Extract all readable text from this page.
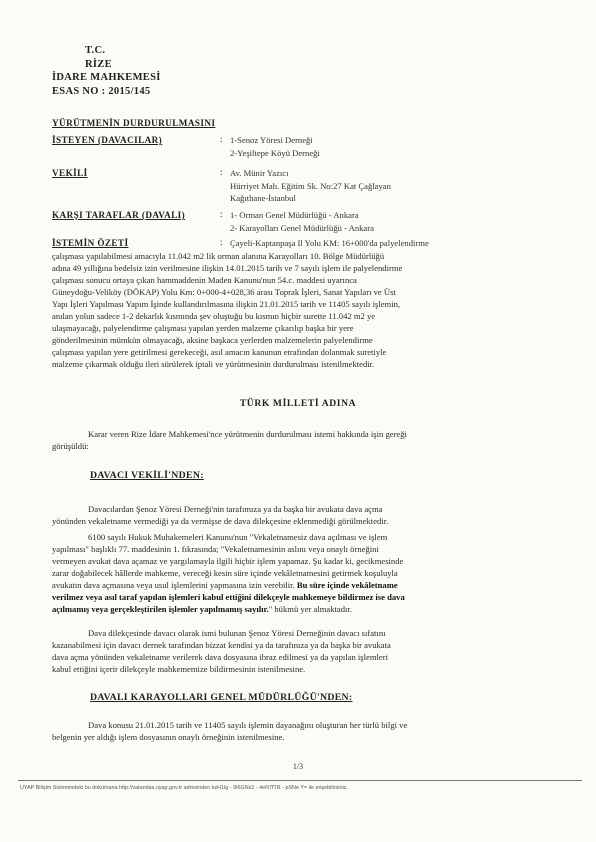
T.C.
RİZE
İDARE MAHKEMESİ
ESAS NO : 2015/145
YÜRÜTMENİN DURDURULMASINI
İSTEYEN (DAVACILAR)	: 1-Senoz Yöresi Derneği
2-Yeşiltepe Köyü Derneği
VEKİLİ	: Av. Münir Yazıcı
Hürriyet Mah. Eğitim Sk. No:27 Kat Çağlayan
Kağıthane-İstanbul
KARŞI TARAFLAR (DAVALI)	: 1- Orman Genel Müdürlüğü - Ankara
2- Karayolları Genel Müdürlüğü - Ankara
İSTEMİN ÖZETİ	: Çayeli-Kaptanpaşa Il Yolu KM: 16+000'da palyelendirme
çalışması yapılabilmesi amacıyla 11.042 m2 lik orman alanına Karayolları 10. Bölge Müdürlüğü
adına 49 yıllığına bedelsiz izin verilmesine ilişkin 14.01.2015 tarih ve 7 sayılı işlem ile palyelendirme
çalışması sonucu ortaya çıkan hammaddenin Maden Kanunu'nun 54.c. maddesi uyarınca
Güneydoğu-Veliköy (DÖKAP) Yolu Km: 0+000-4+028,36 arası Toprak İşleri, Sanat Yapıları ve Üst
Yapı İşleri Yapılması Yapım İşinde kullandırılmasına ilişkin 21.01.2015 tarih ve 11405 sayılı işlemin,
anılan yolun sadece 1-2 dekarlık kısmında şev oluştuğu bu kısmın hiçbir surette 11.042 m2 ye
ulaşmayacağı, palyelendirme çalışması yapılan yerden malzeme çıkarılıp başka bir yere
gönderilmesinin mümkün olmayacağı, aksine başkaca yerlerden malzemelerin palyelendirme
çalışması yapılan yere getirilmesi gerekeceği, asıl amacın kanunun etrafından dolanmak suretiyle
malzeme çıkarmak olduğu ileri sürülerek iptali ve yürütmesinin durdurulması istenilmektedir.
TÜRK MİLLETİ ADINA
Karar veren Rize İdare Mahkemesi'nce yürütmenin durdurulması istemi hakkında işin gereği
görüşüldü:
DAVACI VEKİLİ'NDEN:
Davacılardan Şenoz Yöresi Derneği'nin tarafımıza ya da başka bir avukata dava açma
yönünden vekaletname vermediği ya da vermişse de dava dilekçesine eklenmediği görülmektedir.
6100 sayılı Hukuk Muhakemeleri Kanunu'nun "Vekaletnamesiz dava açılması ve işlem
yapılması" başlıklı 77. maddesinin 1. fıkrasında; "Vekaletnamesinin aslını veya onaylı örneğini
vermeyen avukat dava açamaz ve yargılamayla ilgili hiçbir işlem yapamaz. Şu kadar ki, gecikmesinde
zarar doğabilecek hâllerde mahkeme, vereceği kesin süre içinde vekâletnamesini getirmek koşuluyla
avukatın dava açmasına veya usul işlemlerini yapmasına izin verebilir. Bu süre içinde vekâletname
verilmez veya asıl taraf yapılan işlemleri kabul ettiğini dilekçeyle mahkemeye bildirmez ise dava
açılmamış veya gerçekleştirilen işlemler yapılmamış sayılır." hükmü yer almaktadır.
Dava dilekçesinde davacı olarak ismi bulunan Şenoz Yöresi Derneğinin davacı sıfatını
kazanabilmesi için davacı dernek tarafından bizzat kendisi ya da tarafınıza ya da başka bir avukata
dava açma yönünden vekaletname verilerek dava dosyasına ibraz edilmesi ya da yapılan işlemleri
kabul ettiğini içerir dilekçeyle mahkememize bildirmesinin istenilmesine.
DAVALI KARAYOLLARI GENEL MÜDÜRLÜĞÜ'NDEN:
Dava konusu 21.01.2015 tarih ve 11405 sayılı işlemin dayanağını oluşturan her türlü bilgi ve
belgenin yer aldığı işlem dosyasının onaylı örneğinin istenilmesine.
1/3
UYAP Bilişim Sistemindeki bu dokümana http://vatandas.uyap.gov.tr adresinden kzH1lg - 9I6GNs2 - 4eN7fTR - pSNe Y= ile erişebilirsiniz.
